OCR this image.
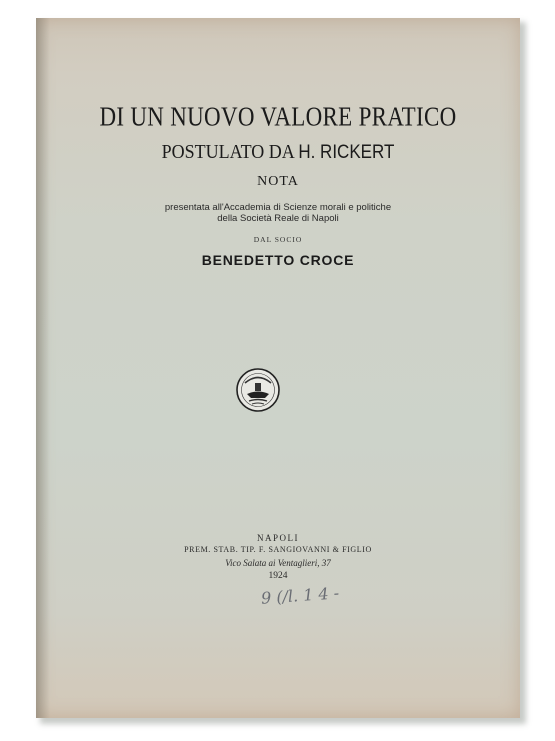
DI UN NUOVO VALORE PRATICO
POSTULATO DA H. RICKERT
NOTA
presentata all'Accademia di Scienze morali e politiche
della Società Reale di Napoli
DAL SOCIO
BENEDETTO CROCE
NAPOLI
PREM. STAB. TIP. F. SANGIOVANNI & FIGLIO
Vico Salata ai Ventaglieri, 37
1924
9 (/l. 1 4 -
